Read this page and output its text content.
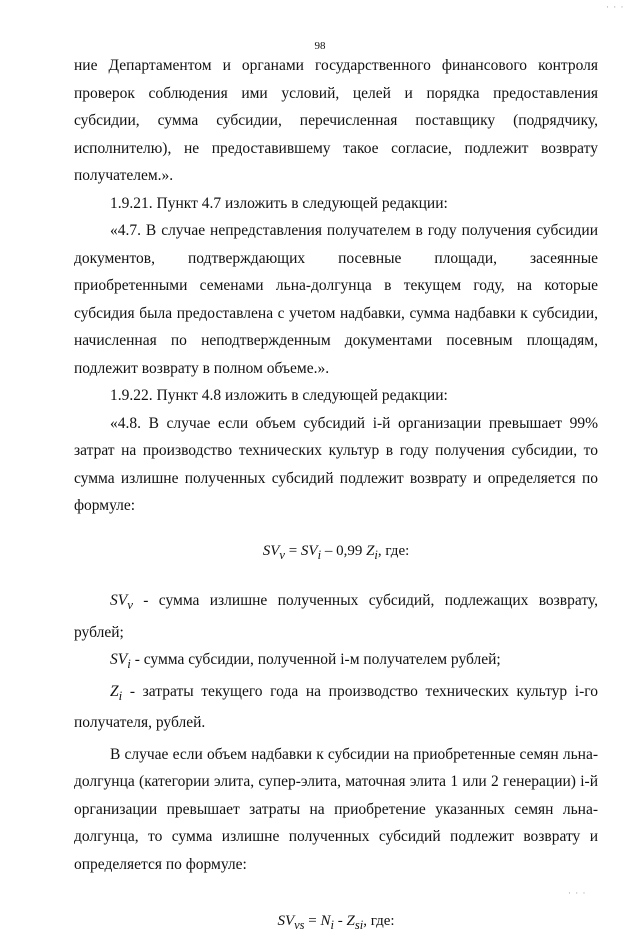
· · ·
98

ние Департаментом и органами государственного финансового контроля проверок соблюдения ими условий, целей и порядка предоставления субсидии, сумма субсидии, перечисленная поставщику (подрядчику, исполнителю), не предоставившему такое согласие, подлежит возврату получателем.».

1.9.21. Пункт 4.7 изложить в следующей редакции:

«4.7. В случае непредставления получателем в году получения субсидии документов, подтверждающих посевные площади, засеянные приобретенными семенами льна-долгунца в текущем году, на которые субсидия была предоставлена с учетом надбавки, сумма надбавки к субсидии, начисленная по неподтвержденным документами посевным площадям, подлежит возврату в полном объеме.».

1.9.22. Пункт 4.8 изложить в следующей редакции:

«4.8. В случае если объем субсидий i-й организации превышает 99% затрат на производство технических культур в году получения субсидии, то сумма излишне полученных субсидий подлежит возврату и определяется по формуле:

$SV_v = SV_i - 0,99$ $Z_i$, где:

$SV_v$ - сумма излишне полученных субсидий, подлежащих возврату, рублей;

$SV_i$ - сумма субсидии, полученной i-м получателем рублей;

$Z_i$ - затраты текущего года на производство технических культур i-го получателя, рублей.

В случае если объем надбавки к субсидии на приобретенные семян льна-долгунца (категории элита, супер-элита, маточная элита 1 или 2 генерации) i-й организации превышает затраты на приобретение указанных семян льна-долгунца, то сумма излишне полученных субсидий подлежит возврату и определяется по формуле:

$SV_{vs} = N_i - Z_{si}$, где:

· · ·
